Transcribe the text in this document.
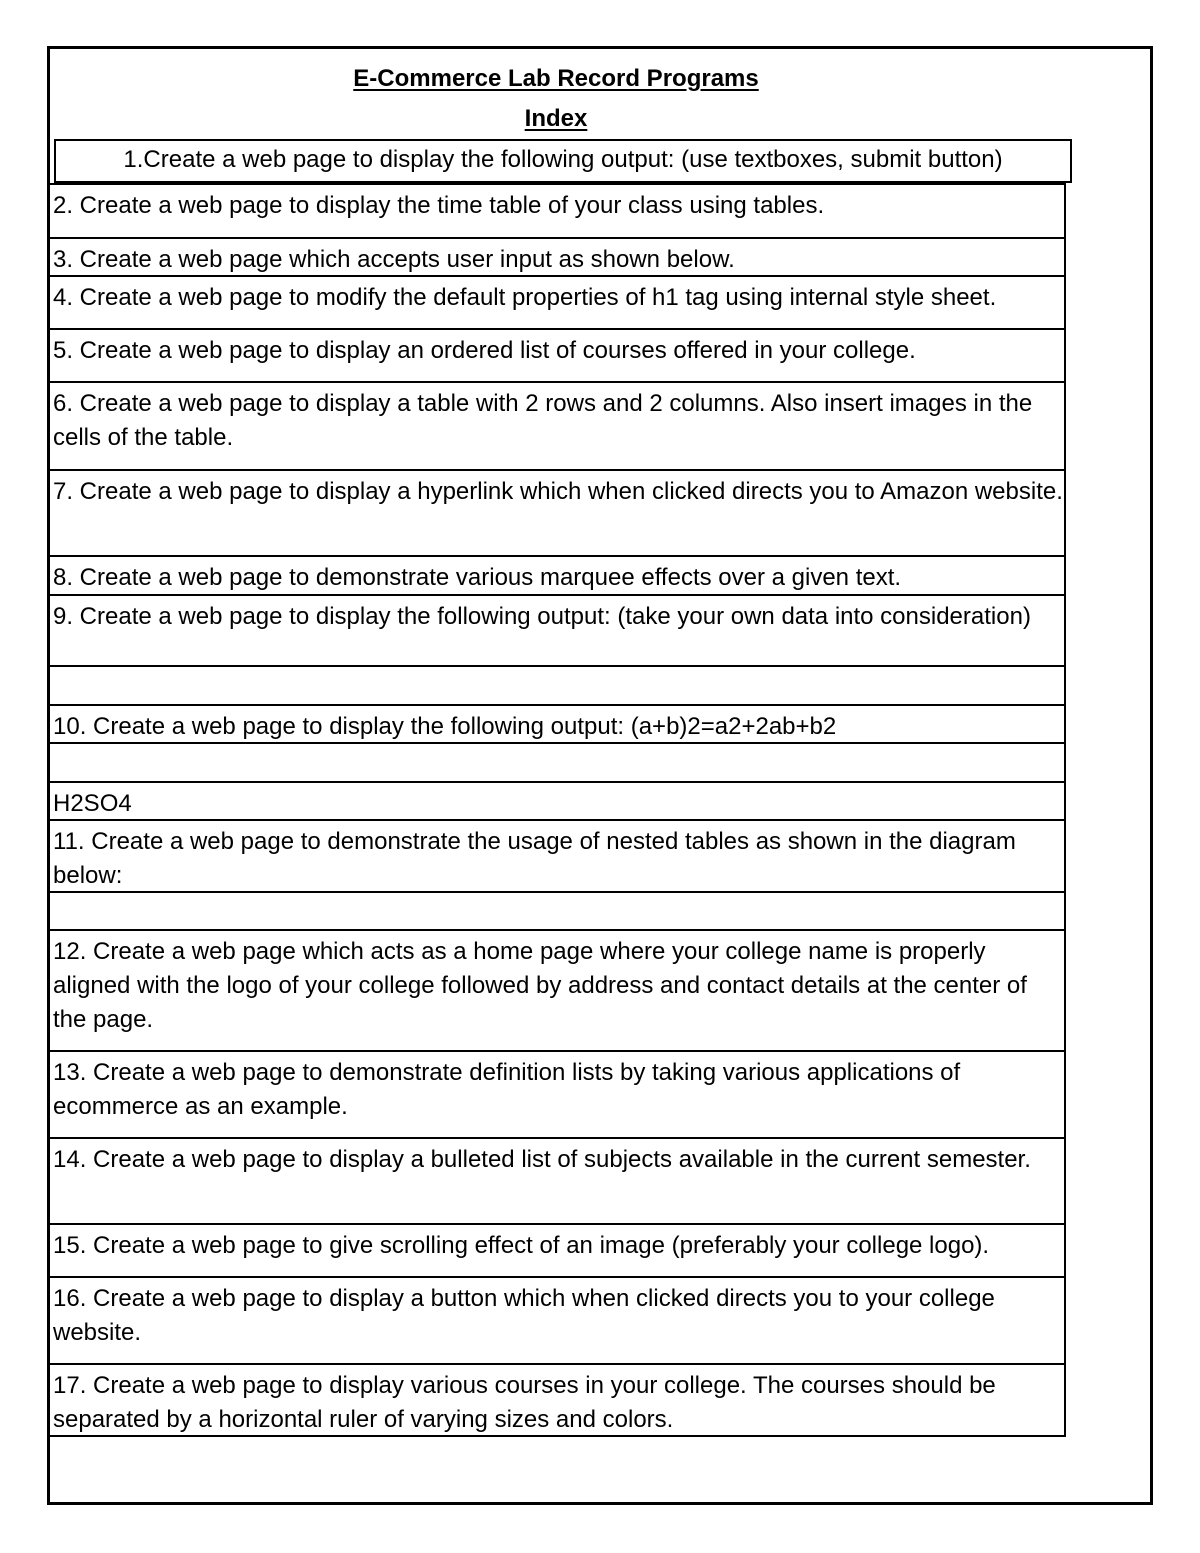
E-Commerce Lab Record Programs
Index
1.Create a web page to display the following output: (use textboxes, submit button)
2. Create a web page to display the time table of your class using tables.
3. Create a web page which accepts user input as shown below.
4. Create a web page to modify the default properties of h1 tag using internal style sheet.
5. Create a web page to display an ordered list of courses offered in your college.
6. Create a web page to display a table with 2 rows and 2 columns. Also insert images in the cells of the table.
7. Create a web page to display a hyperlink which when clicked directs you to Amazon website.
8. Create a web page to demonstrate various marquee effects over a given text.
9. Create a web page to display the following output: (take your own data into consideration)
10. Create a web page to display the following output: (a+b)2=a2+2ab+b2
H2SO4
11. Create a web page to demonstrate the usage of nested tables as shown in the diagram below:
12. Create a web page which acts as a home page where your college name is properly aligned with the logo of your college followed by address and contact details at the center of the page.
13. Create a web page to demonstrate definition lists by taking various applications of ecommerce as an example.
14. Create a web page to display a bulleted list of subjects available in the current semester.
15. Create a web page to give scrolling effect of an image (preferably your college logo).
16. Create a web page to display a button which when clicked directs you to your college website.
17. Create a web page to display various courses in your college. The courses should be separated by a horizontal ruler of varying sizes and colors.
